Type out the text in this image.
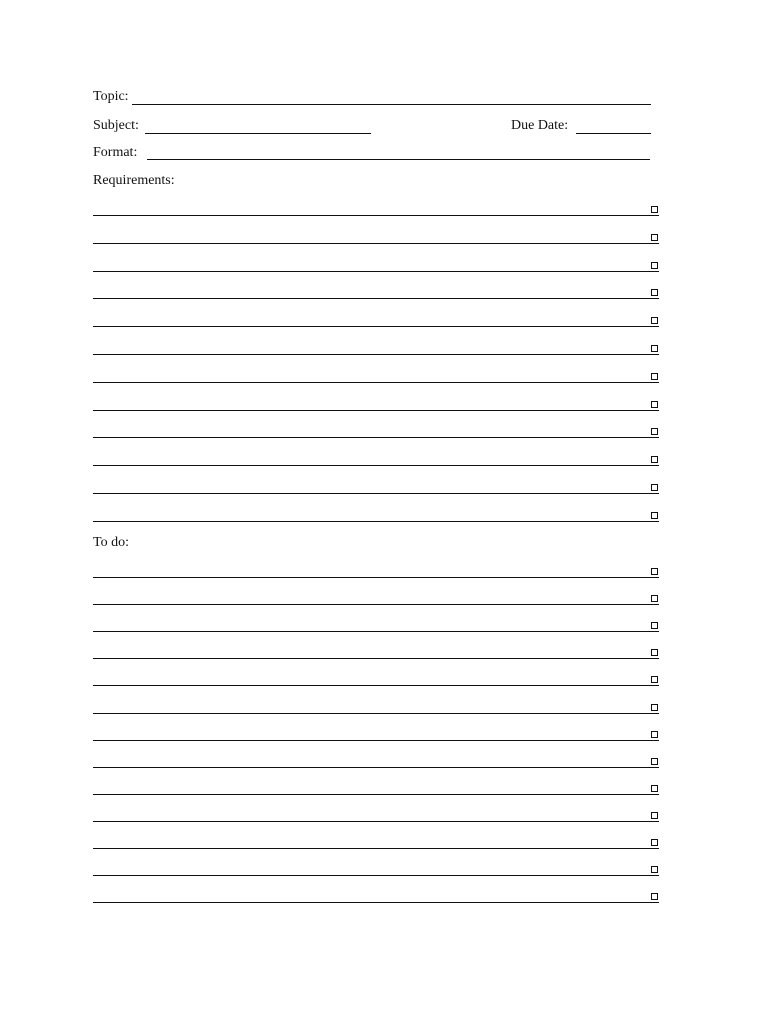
Topic:
Subject:	Due Date:
Format:
Requirements:
To do:
